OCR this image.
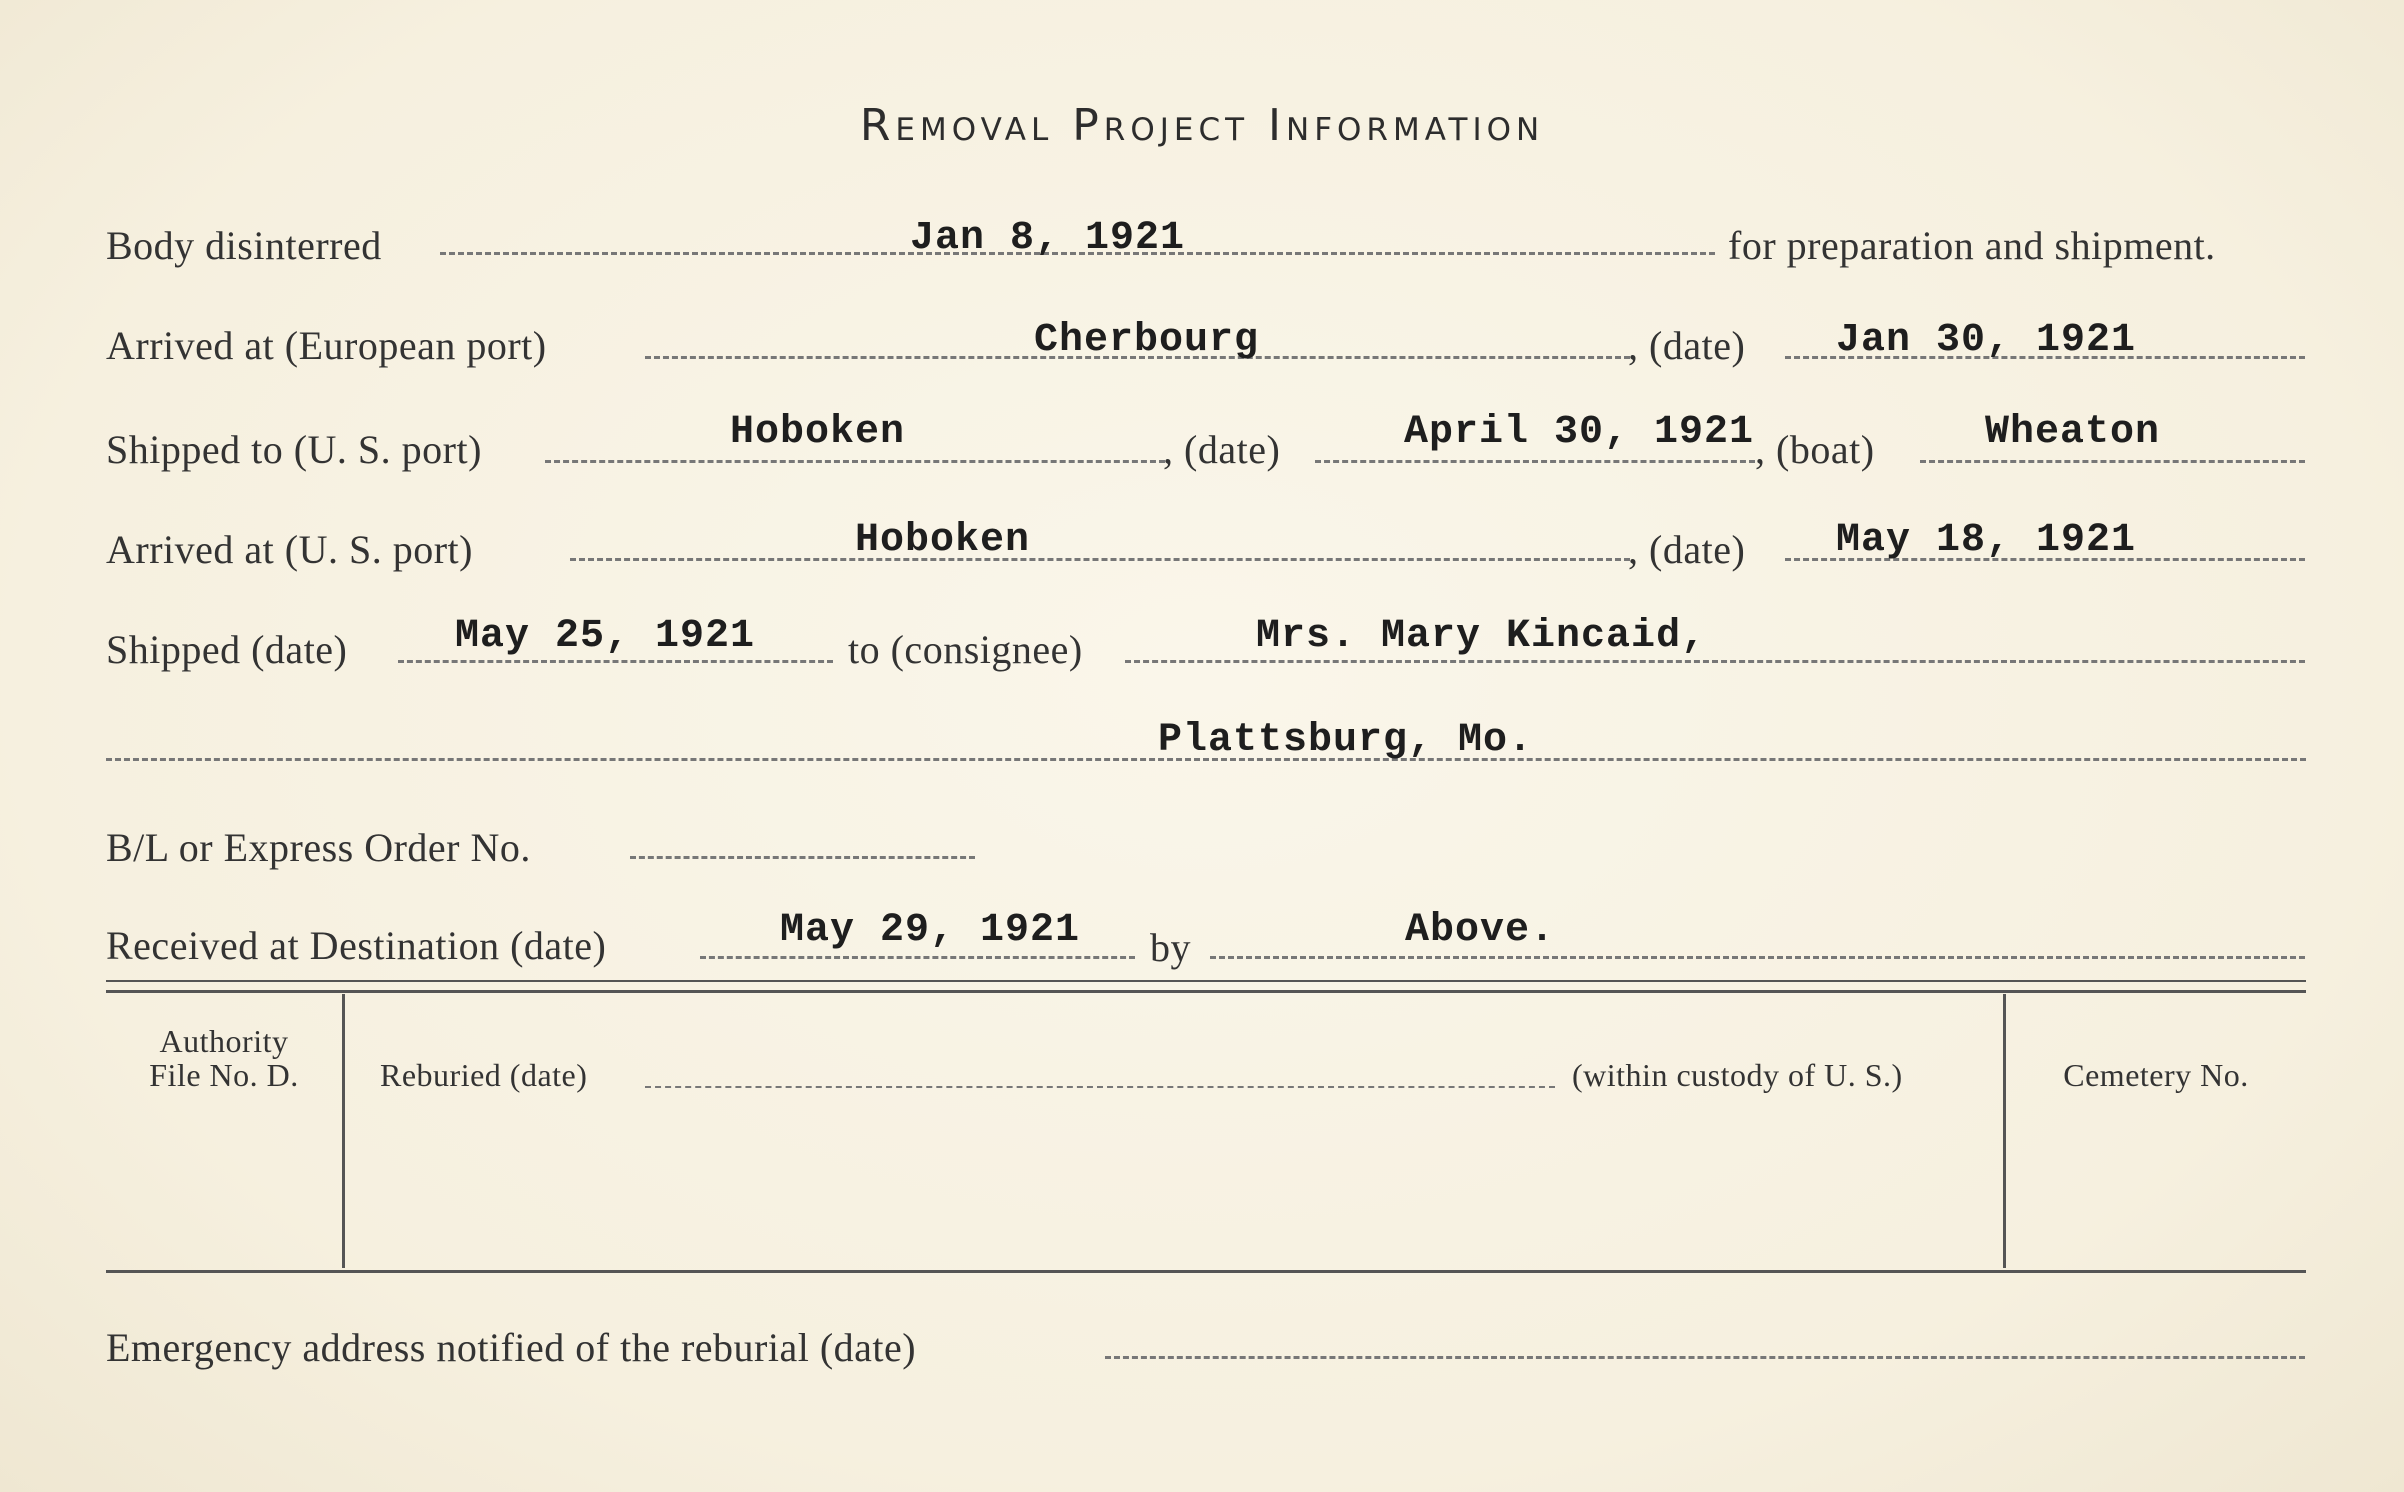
Removal Project Information
Body disinterred	Jan 8, 1921	for preparation and shipment.
Arrived at (European port)	Cherbourg	, (date) Jan 30, 1921
Shipped to (U. S. port)	Hoboken	, (date)	April 30, 1921 , (boat)	Wheaton
Arrived at (U. S. port)	Hoboken	, (date) May 18, 1921
Shipped (date)	May 25, 1921 to (consignee)	Mrs. Mary Kincaid,
Plattsburg, Mo.
B/L or Express Order No.
Received at Destination (date)	May 29, 1921 by	Above.
Authority
File No. D.	Reburied (date)	(within custody of U. S.)	Cemetery No.
Emergency address notified of the reburial (date)
